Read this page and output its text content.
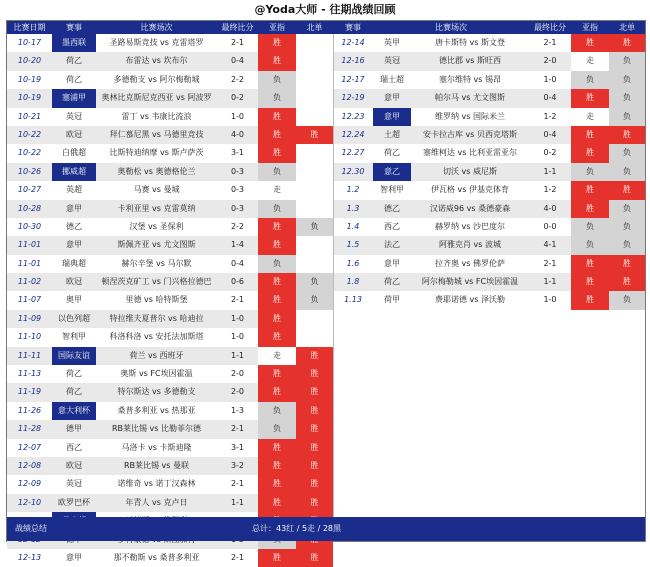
@Yoda大师 - 往期战绩回顾
比赛日期	赛事	比赛场次	最终比分	亚指	北单	赛事	比赛场次	最终比分	亚指	北单
10-17	墨西联	圣路易斯竞技 vs 克雷塔罗	2-1	胜
10-20	荷乙	布雷达 vs 坎布尔	0-4	胜
10-19	荷乙	多德勒支 vs 阿尔梅勒城	2-2	负
10-19	塞浦甲	奥林比克斯尼克西亚 vs 阿波罗	0-2	负
10-21	英冠	雷丁 vs 韦康比流浪	1-0	胜
10-22	欧冠	拜仁慕尼黑 vs 马德里竞技	4-0	胜	胜
10-22	白俄超	比斯特迪纳摩 vs 斯卢萨茨	3-1	胜
10-26	挪威超	奥勒松 vs 奥德格伦兰	0-3	负
10-27	英超	马赛 vs 曼城	0-3	走
10-28	意甲	卡利亚里 vs 克雷莫纳	0-3	负
10-30	德乙	汉堡 vs 圣保利	2-2	胜	负
11-01	意甲	斯佩齐亚 vs 尤文图斯	1-4	胜
11-01	瑞典超	赫尔辛堡 vs 马尔默	0-4	负
11-02	欧冠	顿涅茨克矿工 vs 门兴格拉德巴	0-6	胜	负
11-07	奥甲	里德 vs 哈特斯堡	2-1	胜	负
11-09	以色列超	特拉维夫夏普尔 vs 哈迪拉	1-0	胜
11-10	智利甲	科洛科洛 vs 安托法加斯塔	1-0	胜
11-11	国际友谊	荷兰 vs 西班牙	1-1	走	胜
11-13	荷乙	奥斯 vs FC埃因霍温	2-0	胜	胜
11-19	荷乙	特尔斯达 vs 多德勒支	2-0	胜	胜
11-26	意大利杯	桑普多利亚 vs 热那亚	1-3	负	胜
11-28	德甲	RB莱比锡 vs 比勒菲尔德	2-1	负	胜
12-07	西乙	马洛卡 vs 卡斯迪隆	3-1	胜	胜
12-08	欧冠	RB莱比锡 vs 曼联	3-2	胜	胜
12-09	英冠	诺维奇 vs 诺丁汉森林	2-1	胜	胜
12-10	欧罗巴杯	年青人 vs 克卢日	1-1	胜	胜
12-13	意甲	那不勒斯 vs 桑普多利亚	2-1	胜	胜
12-14	英甲	唐卡斯特 vs 斯文登	2-1	胜	胜
12-16	英冠	德比郡 vs 斯旺西	2-0	走	负
12-17	瑞士超	塞尔维特 vs 锡昂	1-0	负	负
12-19	意甲	帕尔马 vs 尤文图斯	0-4	胜	负
12.23	意甲	维罗纳 vs 国际米兰	1-2	走	负
12.24	土超	安卡拉古库 vs 贝西克塔斯	0-4	胜	胜
12.27	荷乙	塞维柯达 vs 比利亚雷亚尔	0-2	胜	负
12.30	意乙	切沃 vs 威尼斯	1-1	负	负
1.2	智利甲	伊瓦格 vs 伊基克体育	1-2	胜	胜
1.3	德乙	汉诺威96 vs 桑德豪森	4-0	胜	负
1.4	西乙	赫罗纳 vs 沙巴度尔	0-0	负	负
1.5	法乙	阿雅克肖 vs 波城	4-1	负	负
1.6	意甲	拉齐奥 vs 佛罗伦萨	2-1	胜	胜
1.8	荷乙	阿尔梅勒城 vs FC埃因霍温	1-1	胜	胜
1.13	荷甲	费耶诺德 vs 泽沃勒	1-0	胜	负
战绩总结	总计：43红 / 5走 / 28黑
